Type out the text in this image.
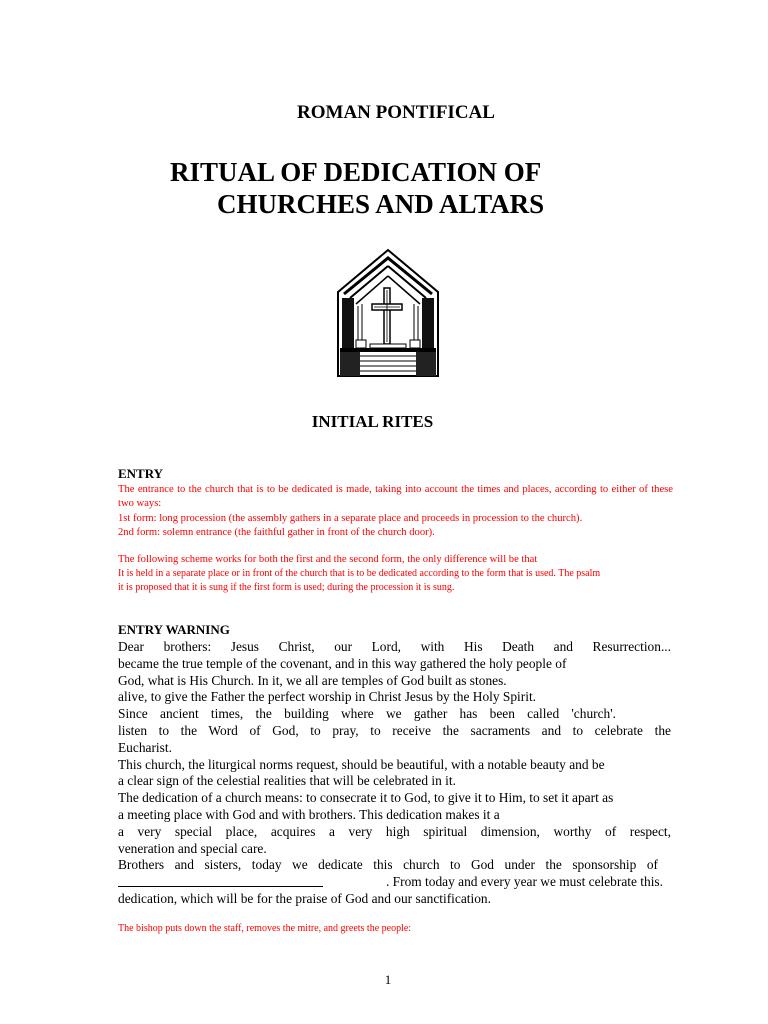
ROMAN PONTIFICAL
RITUAL OF DEDICATION OF
CHURCHES AND ALTARS
INITIAL RITES
ENTRY
The entrance to the church that is to be dedicated is made, taking into account the times and places, according to either of these two ways:
1st form: long procession (the assembly gathers in a separate place and proceeds in procession to the church).
2nd form: solemn entrance (the faithful gather in front of the church door).
The following scheme works for both the first and the second form, the only difference will be that
It is held in a separate place or in front of the church that is to be dedicated according to the form that is used. The psalm
it is proposed that it is sung if the first form is used; during the procession it is sung.
ENTRY WARNING
Dear brothers: Jesus Christ, our Lord, with His Death and Resurrection...
became the true temple of the covenant, and in this way gathered the holy people of
God, what is His Church. In it, we all are temples of God built as stones.
alive, to give the Father the perfect worship in Christ Jesus by the Holy Spirit.
Since ancient times, the building where we gather has been called 'church'.
listen to the Word of God, to pray, to receive the sacraments and to celebrate the
Eucharist.
This church, the liturgical norms request, should be beautiful, with a notable beauty and be
a clear sign of the celestial realities that will be celebrated in it.
The dedication of a church means: to consecrate it to God, to give it to Him, to set it apart as
a meeting place with God and with brothers. This dedication makes it a
a very special place, acquires a very high spiritual dimension, worthy of respect,
veneration and special care.
Brothers and sisters, today we dedicate this church to God under the sponsorship of
. From today and every year we must celebrate this.
dedication, which will be for the praise of God and our sanctification.
The bishop puts down the staff, removes the mitre, and greets the people:
1
